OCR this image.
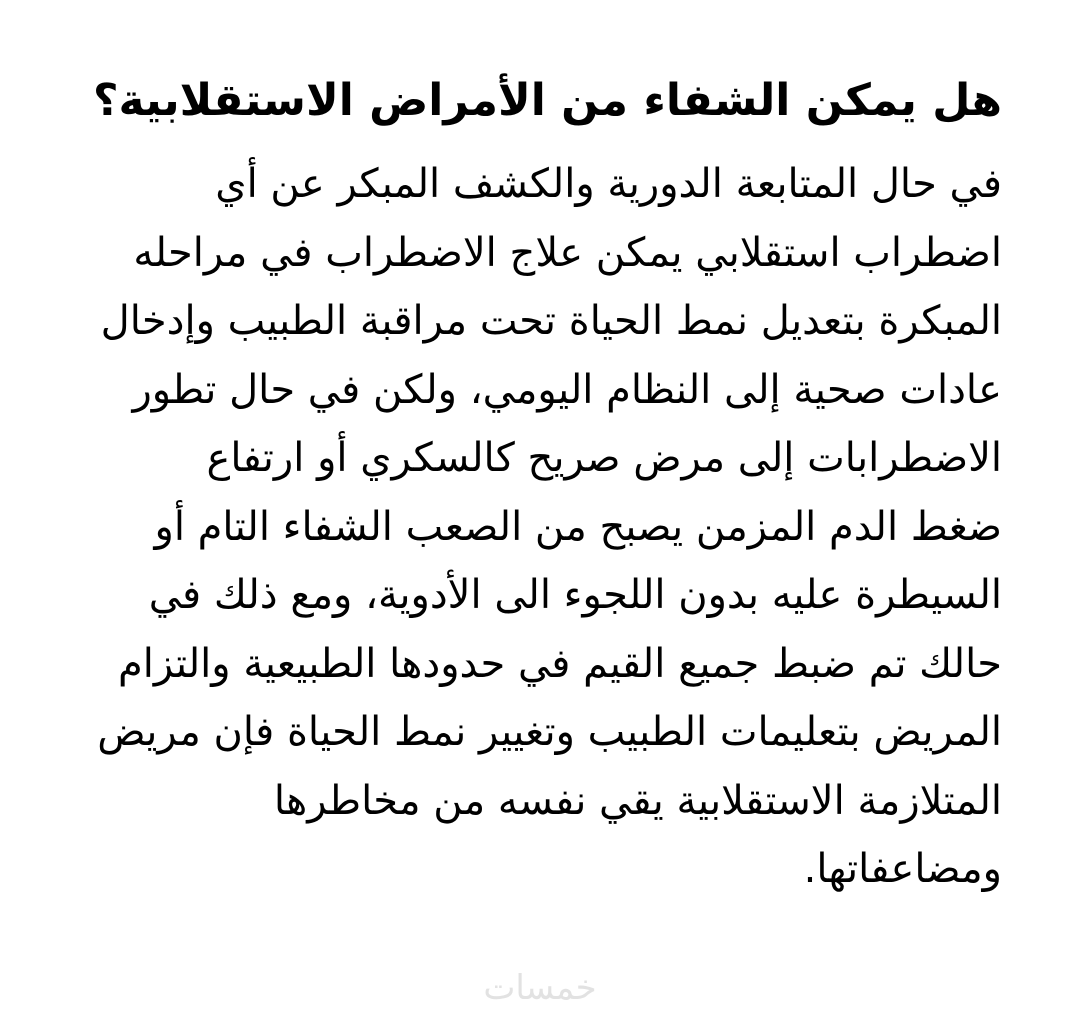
هل يمكن الشفاء من الأمراض الاستقلابية؟
في حال المتابعة الدورية والكشف المبكر عن أي
اضطراب استقلابي يمكن علاج الاضطراب في مراحله
المبكرة بتعديل نمط الحياة تحت مراقبة الطبيب وإدخال
عادات صحية إلى النظام اليومي، ولكن في حال تطور
الاضطرابات إلى مرض صريح كالسكري أو ارتفاع
ضغط الدم المزمن يصبح من الصعب الشفاء التام أو
السيطرة عليه بدون اللجوء الى الأدوية، ومع ذلك في
حالك تم ضبط جميع القيم في حدودها الطبيعية والتزام
المريض بتعليمات الطبيب وتغيير نمط الحياة فإن مريض
المتلازمة الاستقلابية يقي نفسه من مخاطرها
ومضاعفاتها.
خمسات
